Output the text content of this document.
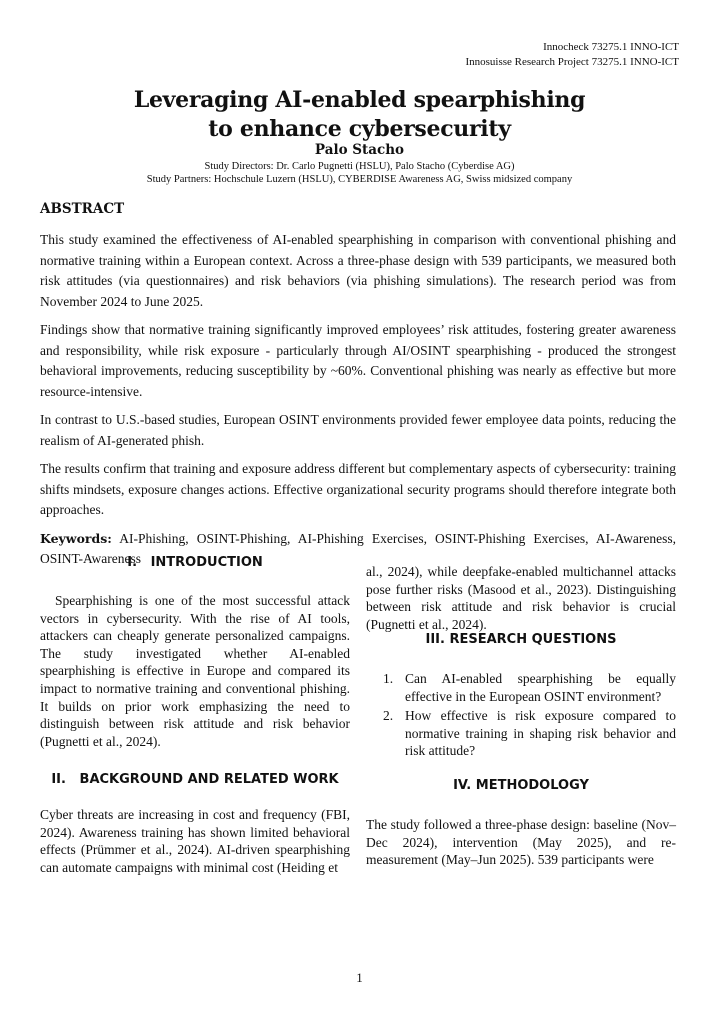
Innocheck 73275.1 INNO-ICT
Innosuisse Research Project 73275.1 INNO-ICT
Leveraging AI-enabled spearphishing
to enhance cybersecurity
Palo Stacho
Study Directors: Dr. Carlo Pugnetti (HSLU), Palo Stacho (Cyberdise AG)
Study Partners: Hochschule Luzern (HSLU), CYBERDISE Awareness AG, Swiss midsized company
ABSTRACT

This study examined the effectiveness of AI-enabled spearphishing in comparison with conventional phishing and normative training within a European context. Across a three-phase design with 539 participants, we measured both risk attitudes (via questionnaires) and risk behaviors (via phishing simulations). The research period was from November 2024 to June 2025.

Findings show that normative training significantly improved employees’ risk attitudes, fostering greater awareness and responsibility, while risk exposure - particularly through AI/OSINT spearphishing - produced the strongest behavioral improvements, reducing susceptibility by ~60%. Conventional phishing was nearly as effective but more resource-intensive.

In contrast to U.S.-based studies, European OSINT environments provided fewer employee data points, reducing the realism of AI-generated phish.

The results confirm that training and exposure address different but complementary aspects of cybersecurity: training shifts mindsets, exposure changes actions. Effective organizational security programs should therefore integrate both approaches.

Keywords: AI-Phishing, OSINT-Phishing, AI-Phishing Exercises, OSINT-Phishing Exercises, AI-Awareness, OSINT-Awareness

I.   INTRODUCTION

Spearphishing is one of the most successful attack vectors in cybersecurity. With the rise of AI tools, attackers can cheaply generate personalized campaigns. The study investigated whether AI-enabled spearphishing is effective in Europe and compared its impact to normative training and conventional phishing. It builds on prior work emphasizing the need to distinguish between risk attitude and risk behavior (Pugnetti et al., 2024).

II.   BACKGROUND AND RELATED WORK

Cyber threats are increasing in cost and frequency (FBI, 2024). Awareness training has shown limited behavioral effects (Prümmer et al., 2024). AI-driven spearphishing can automate campaigns with minimal cost (Heiding et

al., 2024), while deepfake-enabled multichannel attacks pose further risks (Masood et al., 2023). Distinguishing between risk attitude and risk behavior is crucial (Pugnetti et al., 2024).

III. RESEARCH QUESTIONS
1. Can AI-enabled spearphishing be equally effective in the European OSINT environment?
2. How effective is risk exposure compared to normative training in shaping risk behavior and risk attitude?
IV. METHODOLOGY

The study followed a three-phase design: baseline (Nov–Dec 2024), intervention (May 2025), and re-measurement (May–Jun 2025). 539 participants were

1
